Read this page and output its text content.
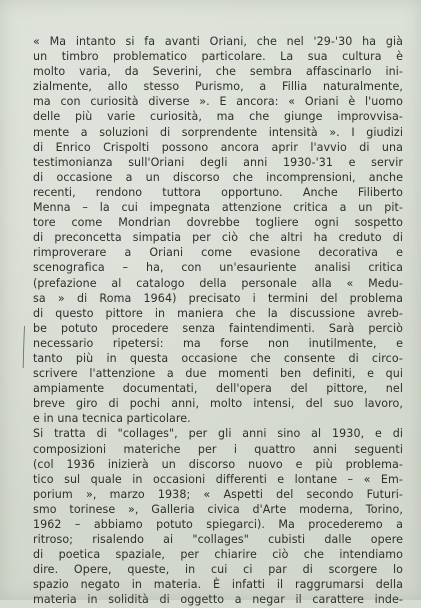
« Ma intanto si fa avanti Oriani, che nel '29-'30 ha già
un timbro problematico particolare. La sua cultura è
molto varia, da Severini, che sembra affascinarlo ini-
zialmente, allo stesso Purismo, a Fillia naturalmente,
ma con curiosità diverse ». E ancora: « Oriani è l'uomo
delle più varie curiosità, ma che giunge improvvisa-
mente a soluzioni di sorprendente intensità ». I giudizi
di Enrico Crispolti possono ancora aprir l'avvio di una
testimonianza sull'Oriani degli anni 1930-'31 e servir
di occasione a un discorso che incomprensioni, anche
recenti, rendono tuttora opportuno. Anche Filiberto
Menna – la cui impegnata attenzione critica a un pit-
tore come Mondrian dovrebbe togliere ogni sospetto
di preconcetta simpatia per ciò che altri ha creduto di
rimproverare a Oriani come evasione decorativa e
scenografica – ha, con un'esauriente analisi critica
(prefazione al catalogo della personale alla « Medu-
sa » di Roma 1964) precisato i termini del problema
di questo pittore in maniera che la discussione avreb-
be potuto procedere senza faintendimenti. Sarà perciò
necessario ripetersi: ma forse non inutilmente, e
tanto più in questa occasione che consente di circo-
scrivere l'attenzione a due momenti ben definiti, e qui
ampiamente documentati, dell'opera del pittore, nel
breve giro di pochi anni, molto intensi, del suo lavoro,
e in una tecnica particolare.
Si tratta di "collages", per gli anni sino al 1930, e di
composizioni materiche per i quattro anni seguenti
(col 1936 inizierà un discorso nuovo e più problema-
tico sul quale in occasioni differenti e lontane – « Em-
porium », marzo 1938; « Aspetti del secondo Futuri-
smo torinese », Galleria civica d'Arte moderna, Torino,
1962 – abbiamo potuto spiegarci). Ma procederemo a
ritroso; risalendo ai "collages" cubisti dalle opere
di poetica spaziale, per chiarire ciò che intendiamo
dire. Opere, queste, in cui ci par di scorgere lo
spazio negato in materia. È infatti il raggrumarsi della
materia in solidità di oggetto a negar il carattere inde-
